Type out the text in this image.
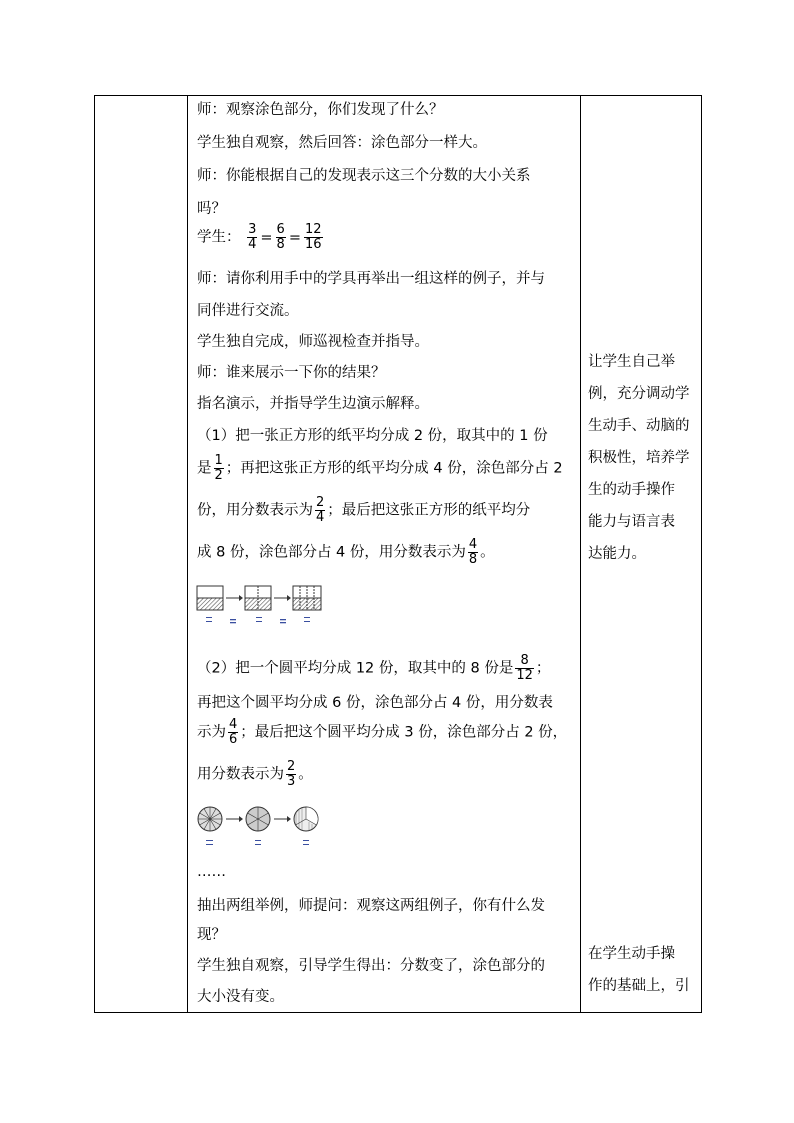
师：观察涂色部分，你们发现了什么？
学生独自观察，然后回答：涂色部分一样大。
师：你能根据自己的发现表示这三个分数的大小关系
吗？
学生： $\frac{3}{4} = \frac{6}{8} = \frac{12}{16}$
师：请你利用手中的学具再举出一组这样的例子，并与
同伴进行交流。
学生独自完成，师巡视检查并指导。
师：谁来展示一下你的结果？
指名演示，并指导学生边演示解释。
（1）把一张正方形的纸平均分成 2 份，取其中的 1 份
是 $\frac{1}{2}$ ；再把这张正方形的纸平均分成 4 份，涂色部分占 2
份，用分数表示为 $\frac{2}{4}$ ；最后把这张正方形的纸平均分
成 8 份，涂色部分占 4 份，用分数表示为 $\frac{4}{8}$ 。
（2）把一个圆平均分成 12 份，取其中的 8 份是 $\frac{8}{12}$ ；
再把这个圆平均分成 6 份，涂色部分占 4 份，用分数表
示为 $\frac{4}{6}$ ；最后把这个圆平均分成 3 份，涂色部分占 2 份，
用分数表示为 $\frac{2}{3}$ 。
……
抽出两组举例，师提问：观察这两组例子，你有什么发
现？
学生独自观察，引导学生得出：分数变了，涂色部分的
大小没有变。

让学生自己举
例，充分调动学
生动手、动脑的
积极性，培养学
生的动手操作
能力与语言表
达能力。
在学生动手操
作的基础上，引
